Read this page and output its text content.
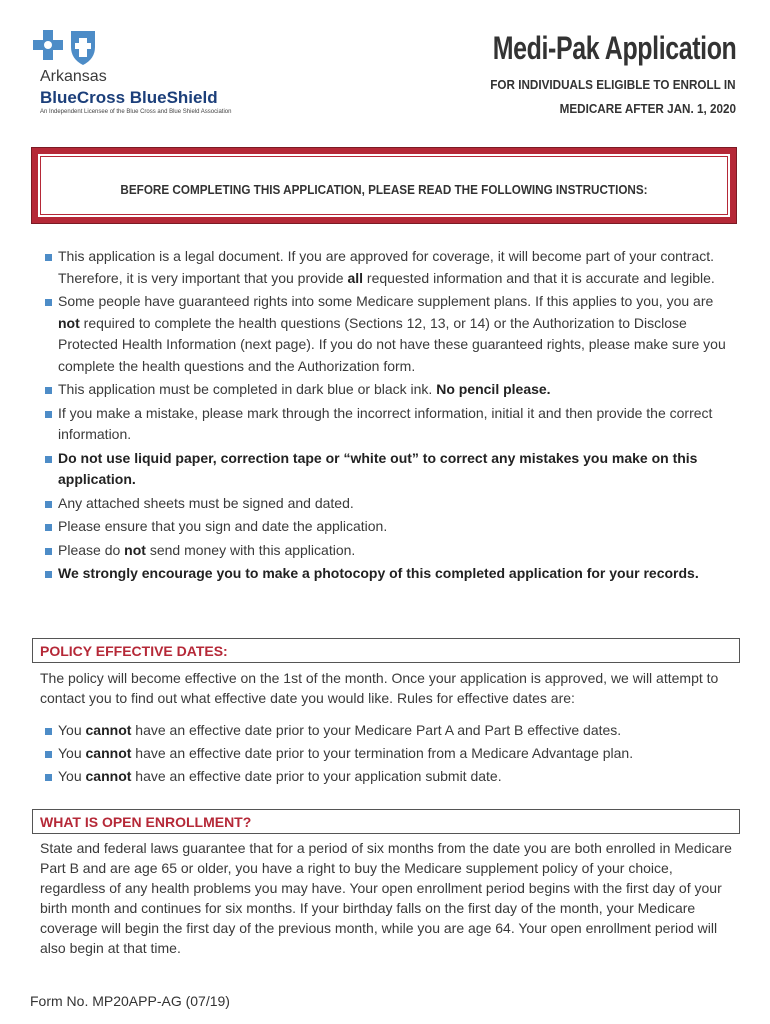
Arkansas
BlueCross BlueShield
An Independent Licensee of the Blue Cross and Blue Shield Association
Medi-Pak Application
FOR INDIVIDUALS ELIGIBLE TO ENROLL IN
MEDICARE AFTER JAN. 1, 2020
BEFORE COMPLETING THIS APPLICATION, PLEASE READ THE FOLLOWING INSTRUCTIONS:
This application is a legal document. If you are approved for coverage, it will become part of your contract. Therefore, it is very important that you provide all requested information and that it is accurate and legible.
Some people have guaranteed rights into some Medicare supplement plans. If this applies to you, you are not required to complete the health questions (Sections 12, 13, or 14) or the Authorization to Disclose Protected Health Information (next page). If you do not have these guaranteed rights, please make sure you complete the health questions and the Authorization form.
This application must be completed in dark blue or black ink. No pencil please.
If you make a mistake, please mark through the incorrect information, initial it and then provide the correct information.
Do not use liquid paper, correction tape or “white out” to correct any mistakes you make on this application.
Any attached sheets must be signed and dated.
Please ensure that you sign and date the application.
Please do not send money with this application.
We strongly encourage you to make a photocopy of this completed application for your records.
POLICY EFFECTIVE DATES:

The policy will become effective on the 1st of the month. Once your application is approved, we will attempt to contact you to find out what effective date you would like. Rules for effective dates are:

You cannot have an effective date prior to your Medicare Part A and Part B effective dates.
You cannot have an effective date prior to your termination from a Medicare Advantage plan.
You cannot have an effective date prior to your application submit date.
WHAT IS OPEN ENROLLMENT?

State and federal laws guarantee that for a period of six months from the date you are both enrolled in Medicare Part B and are age 65 or older, you have a right to buy the Medicare supplement policy of your choice, regardless of any health problems you may have. Your open enrollment period begins with the first day of your birth month and continues for six months. If your birthday falls on the first day of the month, your Medicare coverage will begin the first day of the previous month, while you are age 64. Your open enrollment period will also begin at that time.

Form No. MP20APP-AG (07/19)
